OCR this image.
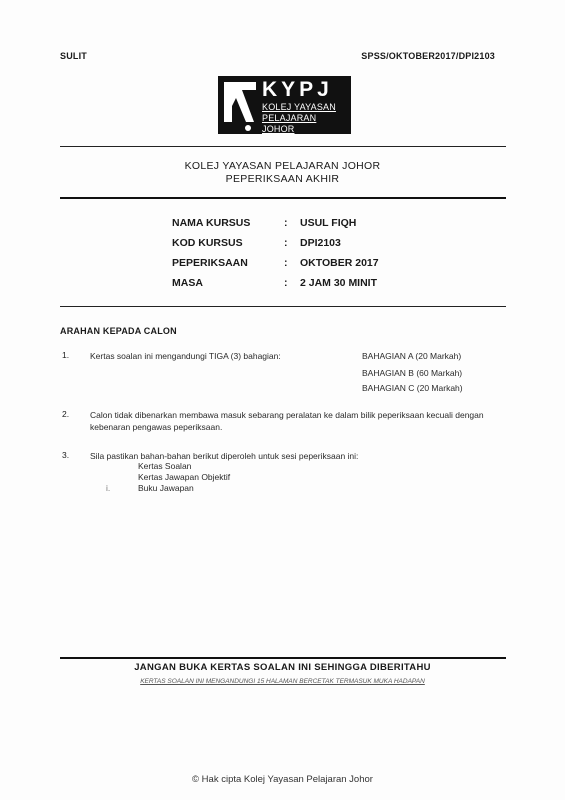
SULIT	SPSS/OKTOBER2017/DPI2103
KYPJ
KOLEJ YAYASAN
PELAJARAN JOHOR
KOLEJ YAYASAN PELAJARAN JOHOR
PEPERIKSAAN AKHIR
NAMA KURSUS	:	USUL FIQH
KOD KURSUS	:	DPI2103
PEPERIKSAAN	:	OKTOBER 2017
MASA	:	2 JAM 30 MINIT
ARAHAN KEPADA CALON
1. Kertas soalan ini mengandungi TIGA (3) bahagian:	BAHAGIAN A (20 Markah)
BAHAGIAN B (60 Markah)
BAHAGIAN C (20 Markah)
2. Calon tidak dibenarkan membawa masuk sebarang peralatan ke dalam bilik peperiksaan kecuali dengan
kebenaran pengawas peperiksaan.
3. Sila pastikan bahan-bahan berikut diperoleh untuk sesi peperiksaan ini:
Kertas Soalan
Kertas Jawapan Objektif
i.	Buku Jawapan
JANGAN BUKA KERTAS SOALAN INI SEHINGGA DIBERITAHU
KERTAS SOALAN INI MENGANDUNGI 15 HALAMAN BERCETAK TERMASUK MUKA HADAPAN
© Hak cipta Kolej Yayasan Pelajaran Johor
